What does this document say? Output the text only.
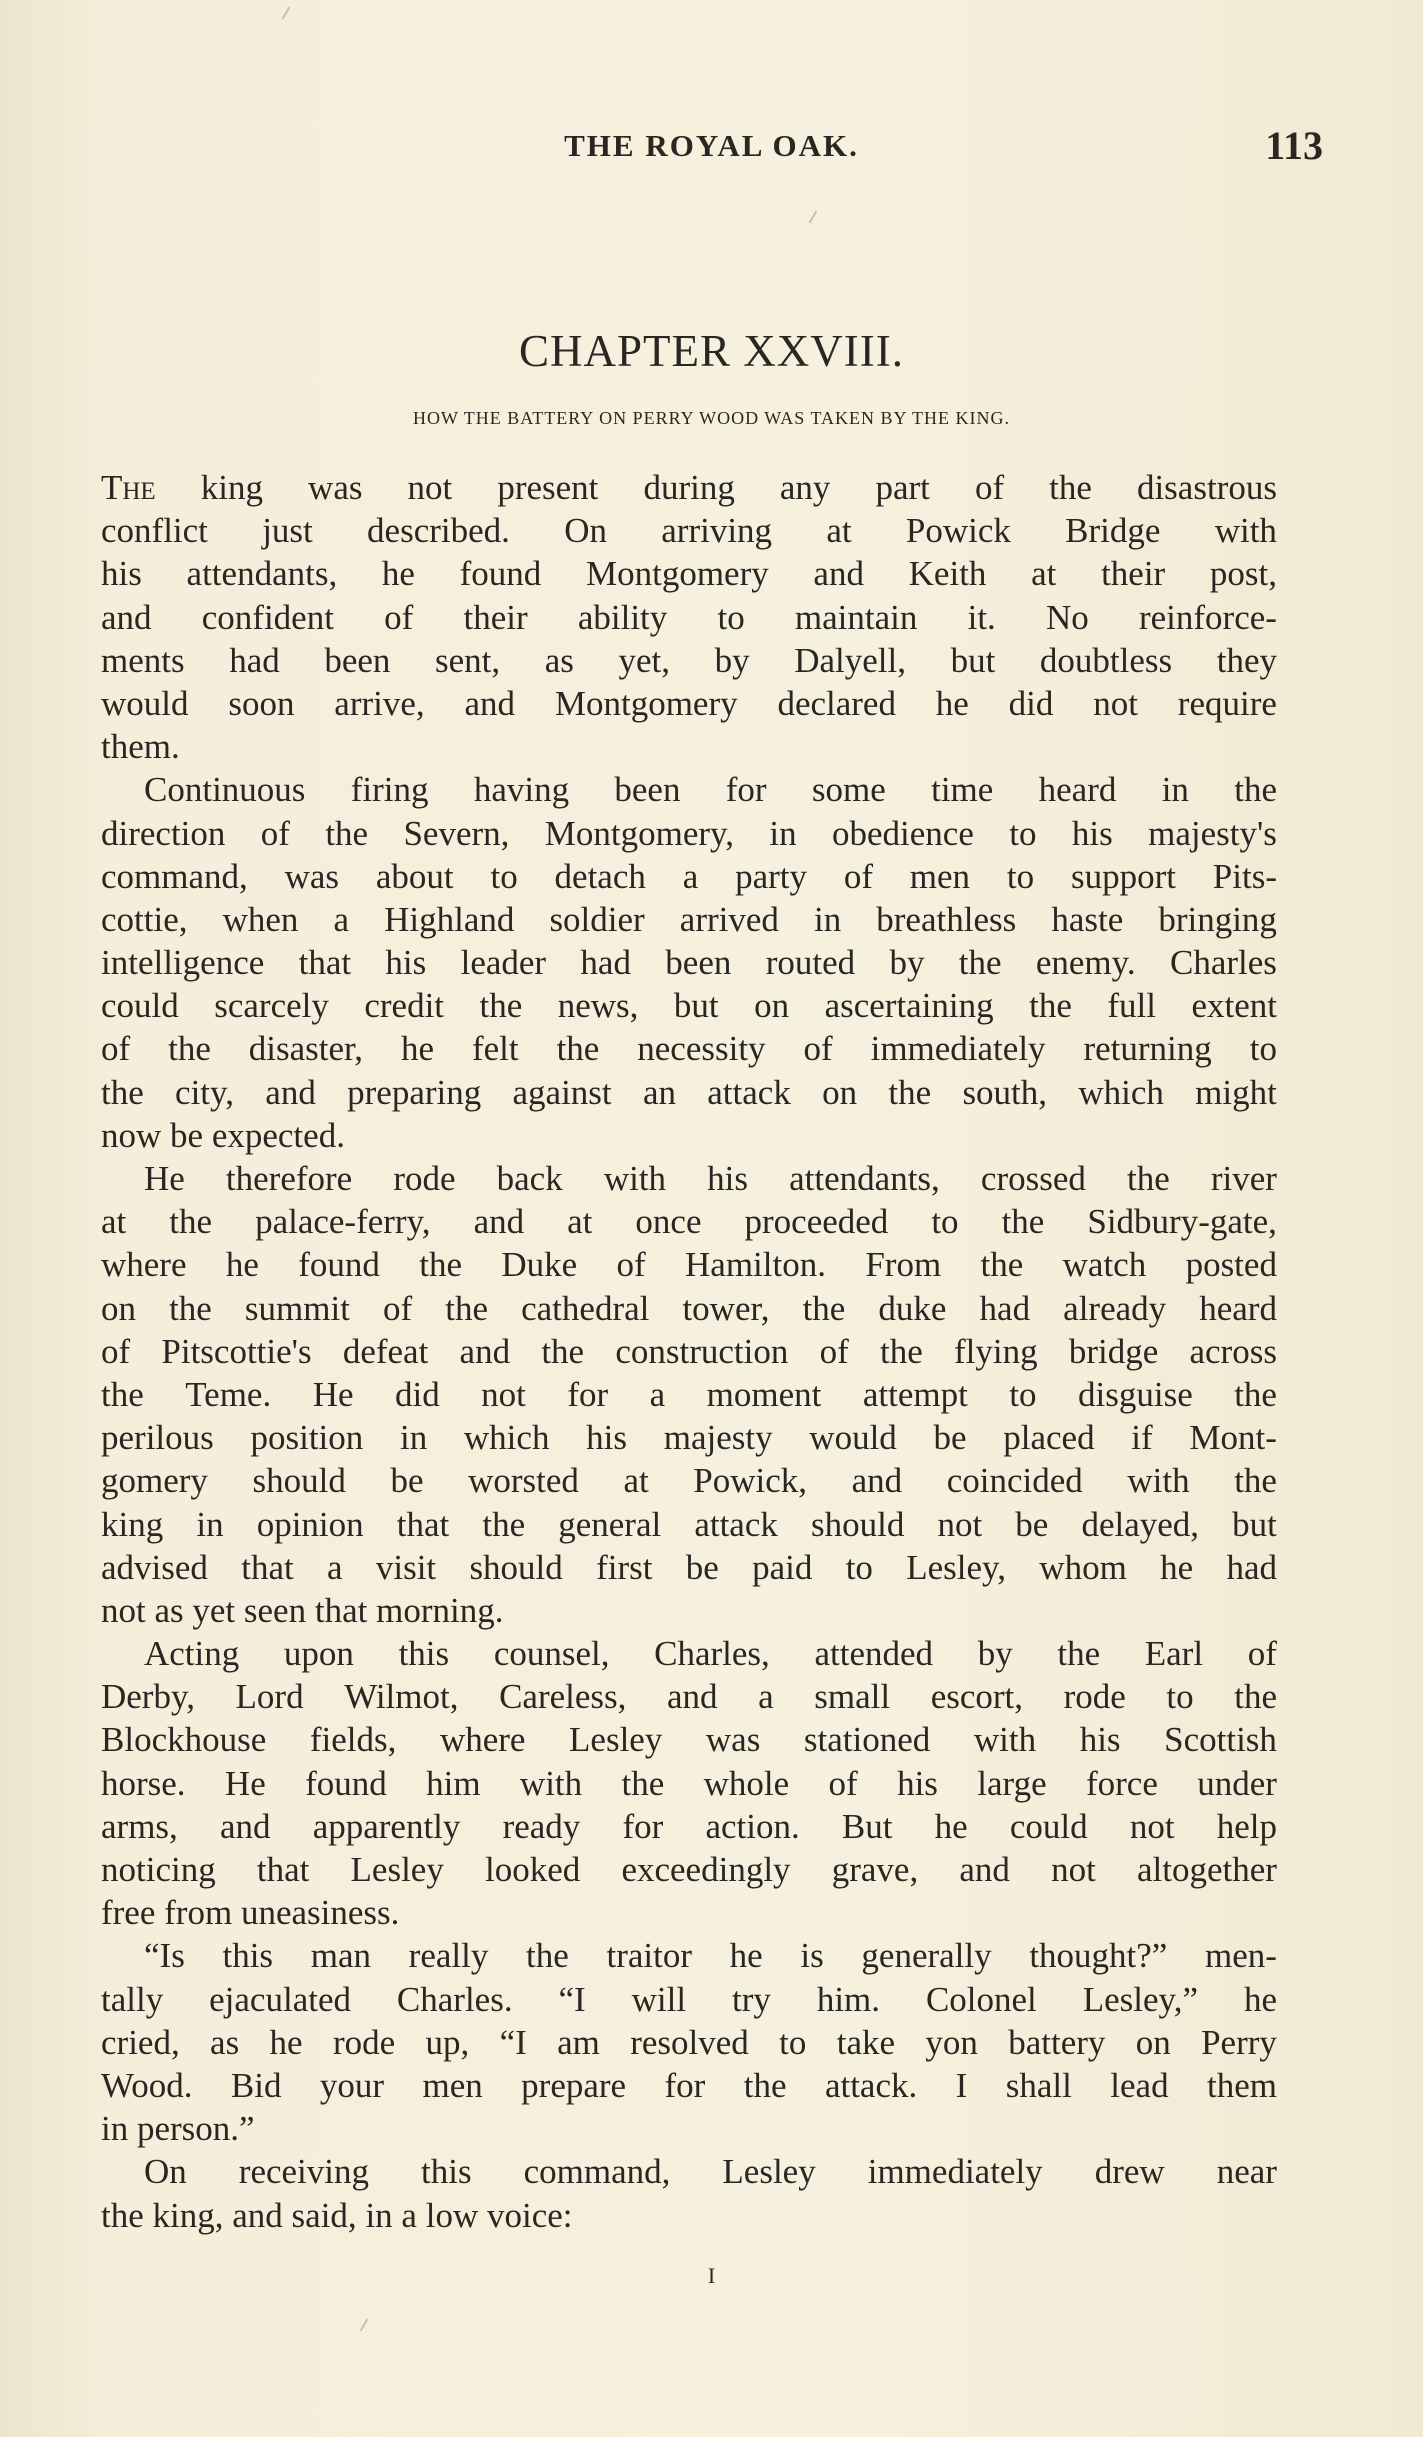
THE ROYAL OAK.	113
CHAPTER XXVIII.
HOW THE BATTERY ON PERRY WOOD WAS TAKEN BY THE KING.
The king was not present during any part of the disastrous
conflict just described. On arriving at Powick Bridge with
his attendants, he found Montgomery and Keith at their post,
and confident of their ability to maintain it. No reinforce-
ments had been sent, as yet, by Dalyell, but doubtless they
would soon arrive, and Montgomery declared he did not require
them.
Continuous firing having been for some time heard in the
direction of the Severn, Montgomery, in obedience to his majesty's
command, was about to detach a party of men to support Pits-
cottie, when a Highland soldier arrived in breathless haste bringing
intelligence that his leader had been routed by the enemy. Charles
could scarcely credit the news, but on ascertaining the full extent
of the disaster, he felt the necessity of immediately returning to
the city, and preparing against an attack on the south, which might
now
be
expected.
He therefore rode back with his attendants, crossed the river
at the palace-ferry, and at once proceeded to the Sidbury-gate,
where he found the Duke of Hamilton. From the watch posted
on the summit of the cathedral tower, the duke had already heard
of Pitscottie's defeat and the construction of the flying bridge across
the Teme. He did not for a moment attempt to disguise the
perilous position in which his majesty would be placed if Mont-
gomery should be worsted at Powick, and coincided with the
king in opinion that the general attack should not be delayed, but
advised that a visit should first be paid to Lesley, whom he had
not
as
yet
seen
that
morning.
Acting upon this counsel, Charles, attended by the Earl of
Derby, Lord Wilmot, Careless, and a small escort, rode to the
Blockhouse fields, where Lesley was stationed with his Scottish
horse. He found him with the whole of his large force under
arms, and apparently ready for action. But he could not help
noticing that Lesley looked exceedingly grave, and not altogether
free
from
uneasiness.
“Is this man really the traitor he is generally thought?” men-
tally ejaculated Charles. “I will try him. Colonel Lesley,” he
cried, as he rode up, “I am resolved to take yon battery on Perry
Wood. Bid your men prepare for the attack. I shall lead them
in
person.”
On receiving this command, Lesley immediately drew near
the
king,
and
said,
in
a
low
voice:
I
